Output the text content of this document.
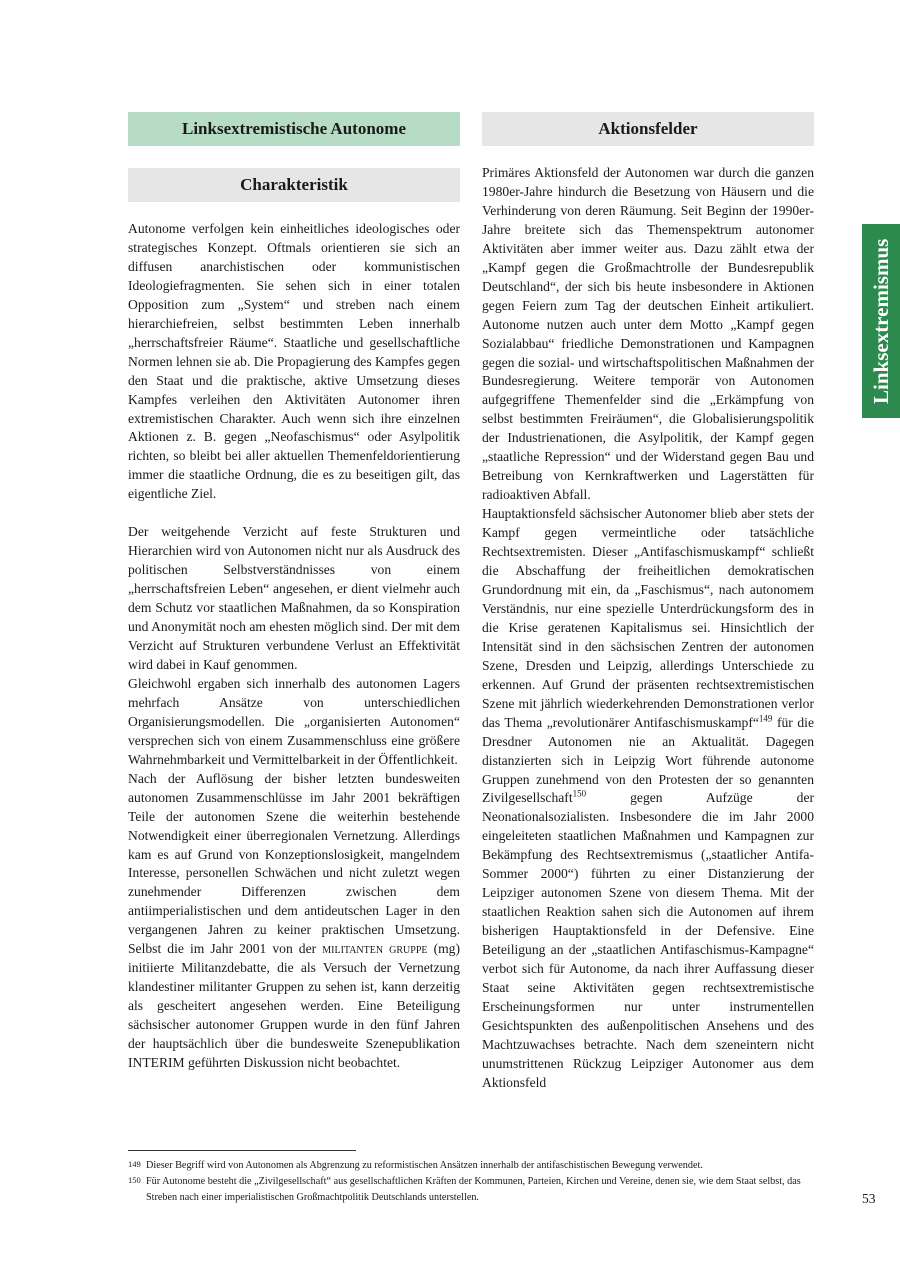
Linksextremistische Autonome
Charakteristik

Autonome verfolgen kein einheitliches ideologisches oder strategisches Konzept. Oftmals orientieren sie sich an diffusen anarchistischen oder kommunistischen Ideologiefragmenten. Sie sehen sich in einer totalen Opposition zum „System“ und streben nach einem hierarchiefreien, selbst bestimmten Leben innerhalb „herrschaftsfreier Räume“. Staatliche und gesellschaftliche Normen lehnen sie ab. Die Propagierung des Kampfes gegen den Staat und die praktische, aktive Umsetzung dieses Kampfes verleihen den Aktivitäten Autonomer ihren extremistischen Charakter. Auch wenn sich ihre einzelnen Aktionen z. B. gegen „Neofaschismus“ oder Asylpolitik richten, so bleibt bei aller aktuellen Themenfeldorientierung immer die staatliche Ordnung, die es zu beseitigen gilt, das eigentliche Ziel.

Der weitgehende Verzicht auf feste Strukturen und Hierarchien wird von Autonomen nicht nur als Ausdruck des politischen Selbstverständnisses von einem „herrschaftsfreien Leben“ angesehen, er dient vielmehr auch dem Schutz vor staatlichen Maßnahmen, da so Konspiration und Anonymität noch am ehesten möglich sind. Der mit dem Verzicht auf Strukturen verbundene Verlust an Effektivität wird dabei in Kauf genommen.

Gleichwohl ergaben sich innerhalb des autonomen Lagers mehrfach Ansätze von unterschiedlichen Organisierungsmodellen. Die „organisierten Autonomen“ versprechen sich von einem Zusammenschluss eine größere Wahrnehmbarkeit und Vermittelbarkeit in der Öffentlichkeit.

Nach der Auflösung der bisher letzten bundesweiten autonomen Zusammenschlüsse im Jahr 2001 bekräftigen Teile der autonomen Szene die weiterhin bestehende Notwendigkeit einer überregionalen Vernetzung. Allerdings kam es auf Grund von Konzeptionslosigkeit, mangelndem Interesse, personellen Schwächen und nicht zuletzt wegen zunehmender Differenzen zwischen dem antiimperialistischen und dem antideutschen Lager in den vergangenen Jahren zu keiner praktischen Umsetzung. Selbst die im Jahr 2001 von der militanten gruppe (mg) initiierte Militanzdebatte, die als Versuch der Vernetzung klandestiner militanter Gruppen zu sehen ist, kann derzeitig als gescheitert angesehen werden. Eine Beteiligung sächsischer autonomer Gruppen wurde in den fünf Jahren der hauptsächlich über die bundesweite Szenepublikation INTERIM geführten Diskussion nicht beobachtet.

Aktionsfelder

Primäres Aktionsfeld der Autonomen war durch die ganzen 1980er-Jahre hindurch die Besetzung von Häusern und die Verhinderung von deren Räumung. Seit Beginn der 1990er-Jahre breitete sich das Themenspektrum autonomer Aktivitäten aber immer weiter aus. Dazu zählt etwa der „Kampf gegen die Großmachtrolle der Bundesrepublik Deutschland“, der sich bis heute insbesondere in Aktionen gegen Feiern zum Tag der deutschen Einheit artikuliert. Autonome nutzen auch unter dem Motto „Kampf gegen Sozialabbau“ friedliche Demonstrationen und Kampagnen gegen die sozial- und wirtschaftspolitischen Maßnahmen der Bundesregierung. Weitere temporär von Autonomen aufgegriffene Themenfelder sind die „Erkämpfung von selbst bestimmten Freiräumen“, die Globalisierungspolitik der Industrienationen, die Asylpolitik, der Kampf gegen „staatliche Repression“ und der Widerstand gegen Bau und Betreibung von Kernkraftwerken und Lagerstätten für radioaktiven Abfall.

Hauptaktionsfeld sächsischer Autonomer blieb aber stets der Kampf gegen vermeintliche oder tatsächliche Rechtsextremisten. Dieser „Antifaschismuskampf“ schließt die Abschaffung der freiheitlichen demokratischen Grundordnung mit ein, da „Faschismus“, nach autonomem Verständnis, nur eine spezielle Unterdrückungsform des in die Krise geratenen Kapitalismus sei. Hinsichtlich der Intensität sind in den sächsischen Zentren der autonomen Szene, Dresden und Leipzig, allerdings Unterschiede zu erkennen. Auf Grund der präsenten rechtsextremistischen Szene mit jährlich wiederkehrenden Demonstrationen verlor das Thema „revolutionärer Antifaschismuskampf“$^{149}$ für die Dresdner Autonomen nie an Aktualität. Dagegen distanzierten sich in Leipzig Wort führende autonome Gruppen zunehmend von den Protesten der so genannten Zivilgesellschaft$^{150}$ gegen Aufzüge der Neonationalsozialisten. Insbesondere die im Jahr 2000 eingeleiteten staatlichen Maßnahmen und Kampagnen zur Bekämpfung des Rechtsextremismus („staatlicher Antifa-Sommer 2000“) führten zu einer Distanzierung der Leipziger autonomen Szene von diesem Thema. Mit der staatlichen Reaktion sahen sich die Autonomen auf ihrem bisherigen Hauptaktionsfeld in der Defensive. Eine Beteiligung an der „staatlichen Antifaschismus-Kampagne“ verbot sich für Autonome, da nach ihrer Auffassung dieser Staat seine Aktivitäten gegen rechtsextremistische Erscheinungsformen nur unter instrumentellen Gesichtspunkten des außenpolitischen Ansehens und des Machtzuwachses betrachte. Nach dem szeneintern nicht unumstrittenen Rückzug Leipziger Autonomer aus dem Aktionsfeld

Linksextremismus
149 Dieser Begriff wird von Autonomen als Abgrenzung zu reformistischen Ansätzen innerhalb der antifaschistischen Bewegung verwendet.
150 Für Autonome besteht die „Zivilgesellschaft“ aus gesellschaftlichen Kräften der Kommunen, Parteien, Kirchen und Vereine, denen sie, wie dem Staat selbst, das Streben nach einer imperialistischen Großmachtpolitik Deutschlands unterstellen.	53
